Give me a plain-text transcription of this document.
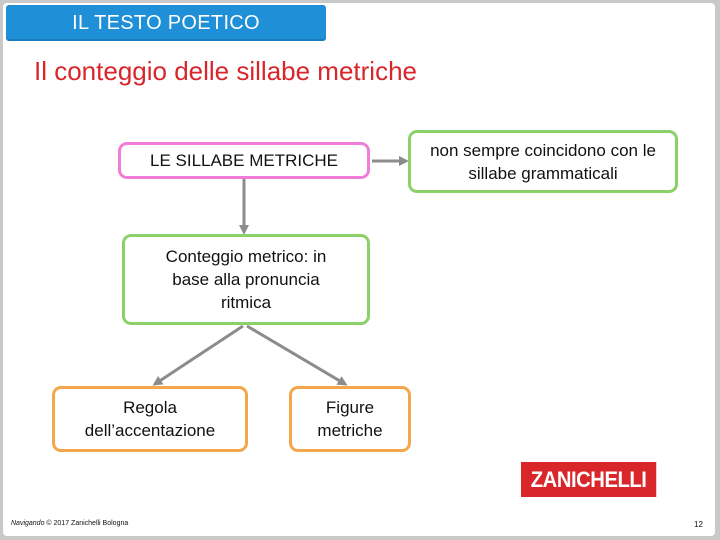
IL TESTO POETICO
Il conteggio delle sillabe metriche
LE SILLABE METRICHE
non sempre coincidono con le sillabe grammaticali
Conteggio metrico: in base alla pronuncia ritmica
Regola dell’accentazione
Figure metriche
ZANICHELLI
Navigando © 2017 Zanichelli Bologna	12
